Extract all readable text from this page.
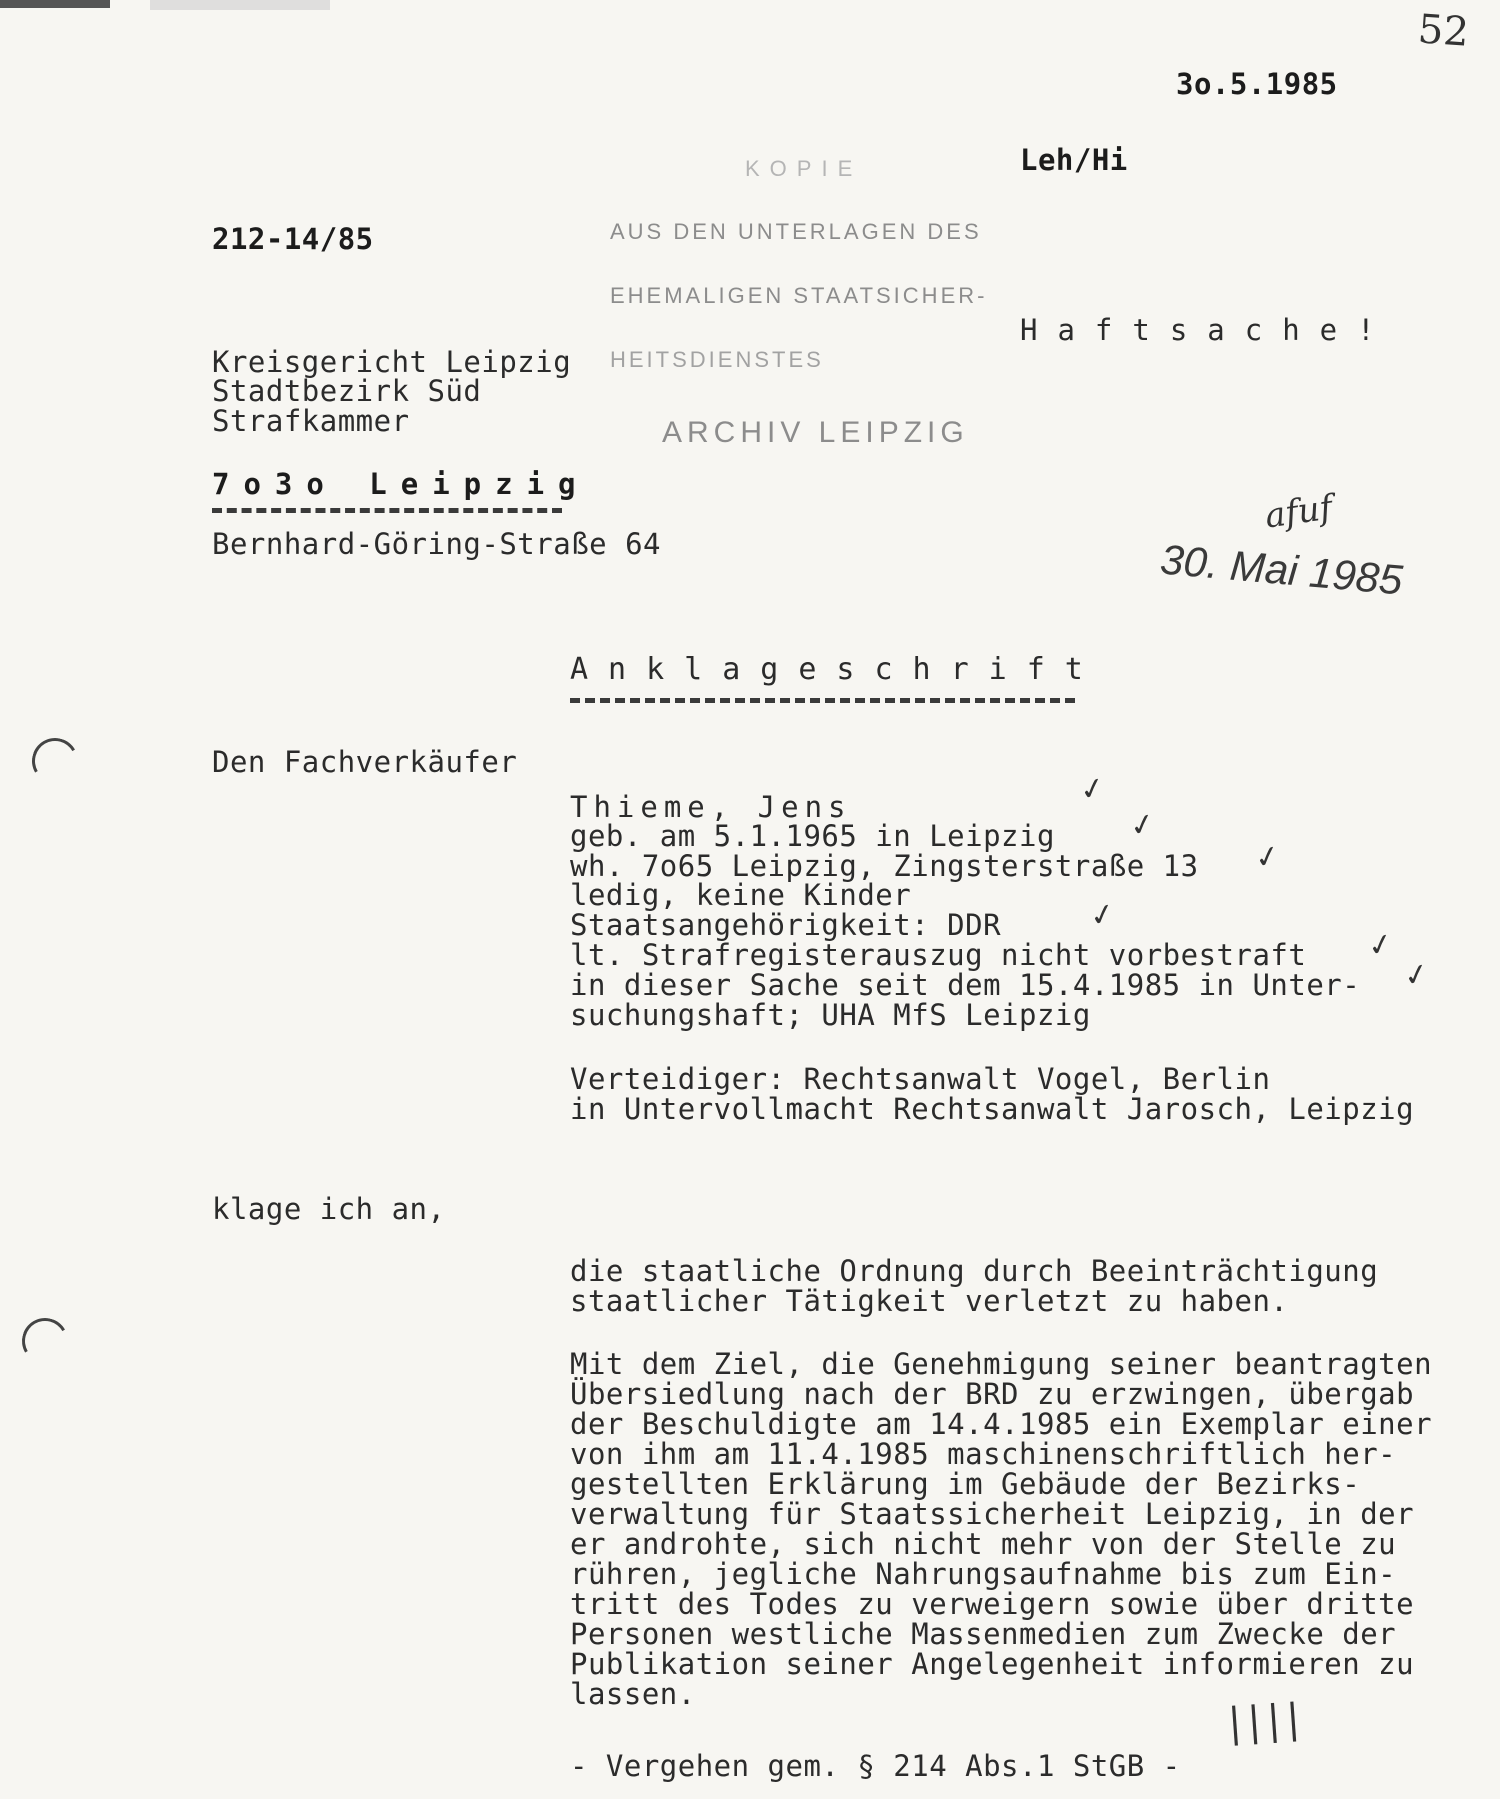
52
3o.5.1985

KOPIE

AUS DEN UNTERLAGEN DES

EHEMALIGEN STAATSICHER-

HEITSDIENSTES

ARCHIV LEIPZIG

Leh/Hi
212-14/85
Haftsache!
Kreisgericht Leipzig
Stadtbezirk Süd
Strafkammer
7o3o Leipzig
Bernhard-Göring-Straße 64
afuf
30. Mai 1985
Anklageschrift
Den Fachverkäufer
Thieme, Jens
geb. am 5.1.1965 in Leipzig
wh. 7o65 Leipzig, Zingsterstraße 13
ledig, keine Kinder
Staatsangehörigkeit: DDR
lt. Strafregisterauszug nicht vorbestraft
in dieser Sache seit dem 15.4.1985 in Unter-
suchungshaft; UHA MfS Leipzig
Verteidiger: Rechtsanwalt Vogel, Berlin
in Untervollmacht Rechtsanwalt Jarosch, Leipzig
✓
✓
✓
✓
✓
✓
klage ich an,
die staatliche Ordnung durch Beeinträchtigung
staatlicher Tätigkeit verletzt zu haben.
Mit dem Ziel, die Genehmigung seiner beantragten
Übersiedlung nach der BRD zu erzwingen, übergab
der Beschuldigte am 14.4.1985 ein Exemplar einer
von ihm am 11.4.1985 maschinenschriftlich her-
gestellten Erklärung im Gebäude der Bezirks-
verwaltung für Staatssicherheit Leipzig, in der
er androhte, sich nicht mehr von der Stelle zu
rühren, jegliche Nahrungsaufnahme bis zum Ein-
tritt des Todes zu verweigern sowie über dritte
Personen westliche Massenmedien zum Zwecke der
Publikation seiner Angelegenheit informieren zu
lassen.
||||
- Vergehen gem. § 214 Abs.1 StGB -
